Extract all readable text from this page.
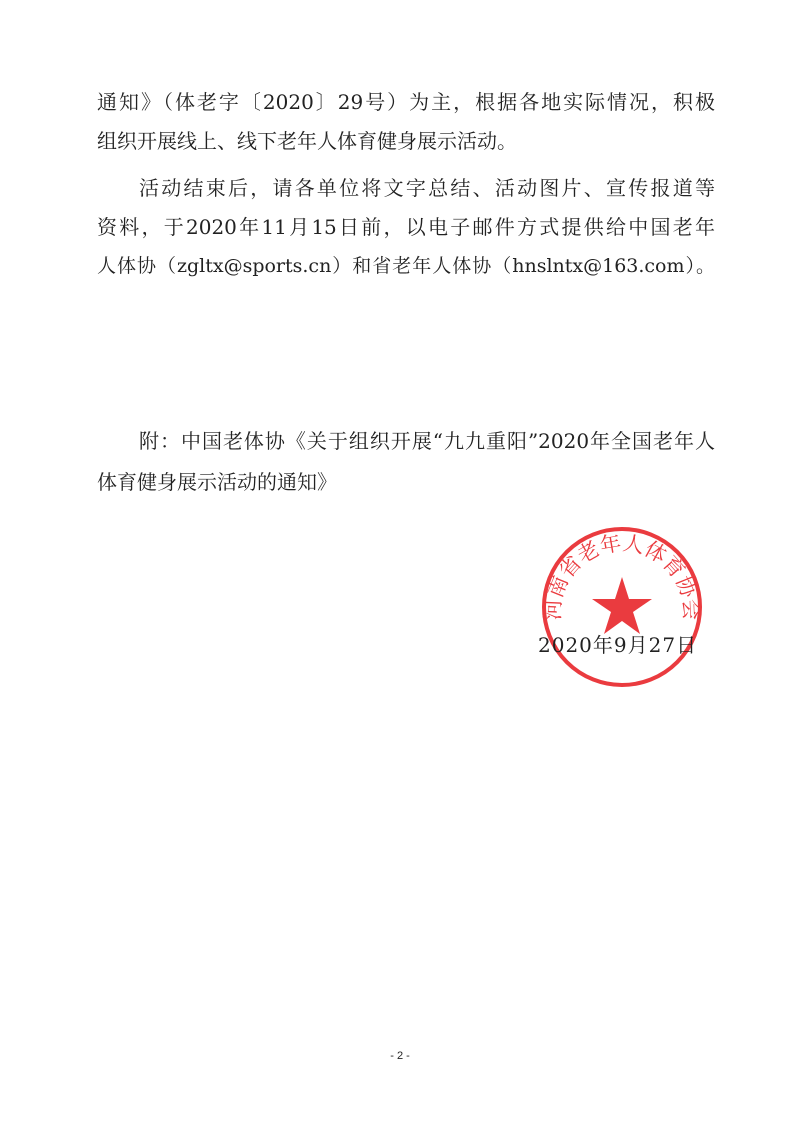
通知》（体老字〔2020〕29号）为主，根据各地实际情况，积极
组织开展线上、线下老年人体育健身展示活动。
活动结束后，请各单位将文字总结、活动图片、宣传报道等
资料，于2020年11月15日前，以电子邮件方式提供给中国老年
人体协（zgltx@sports.cn）和省老年人体协（hnslntx@163.com）。
附：中国老体协《关于组织开展“九九重阳”2020年全国老年人
体育健身展示活动的通知》
河南省老年人体育协会
2020年9月27日
- 2 -
